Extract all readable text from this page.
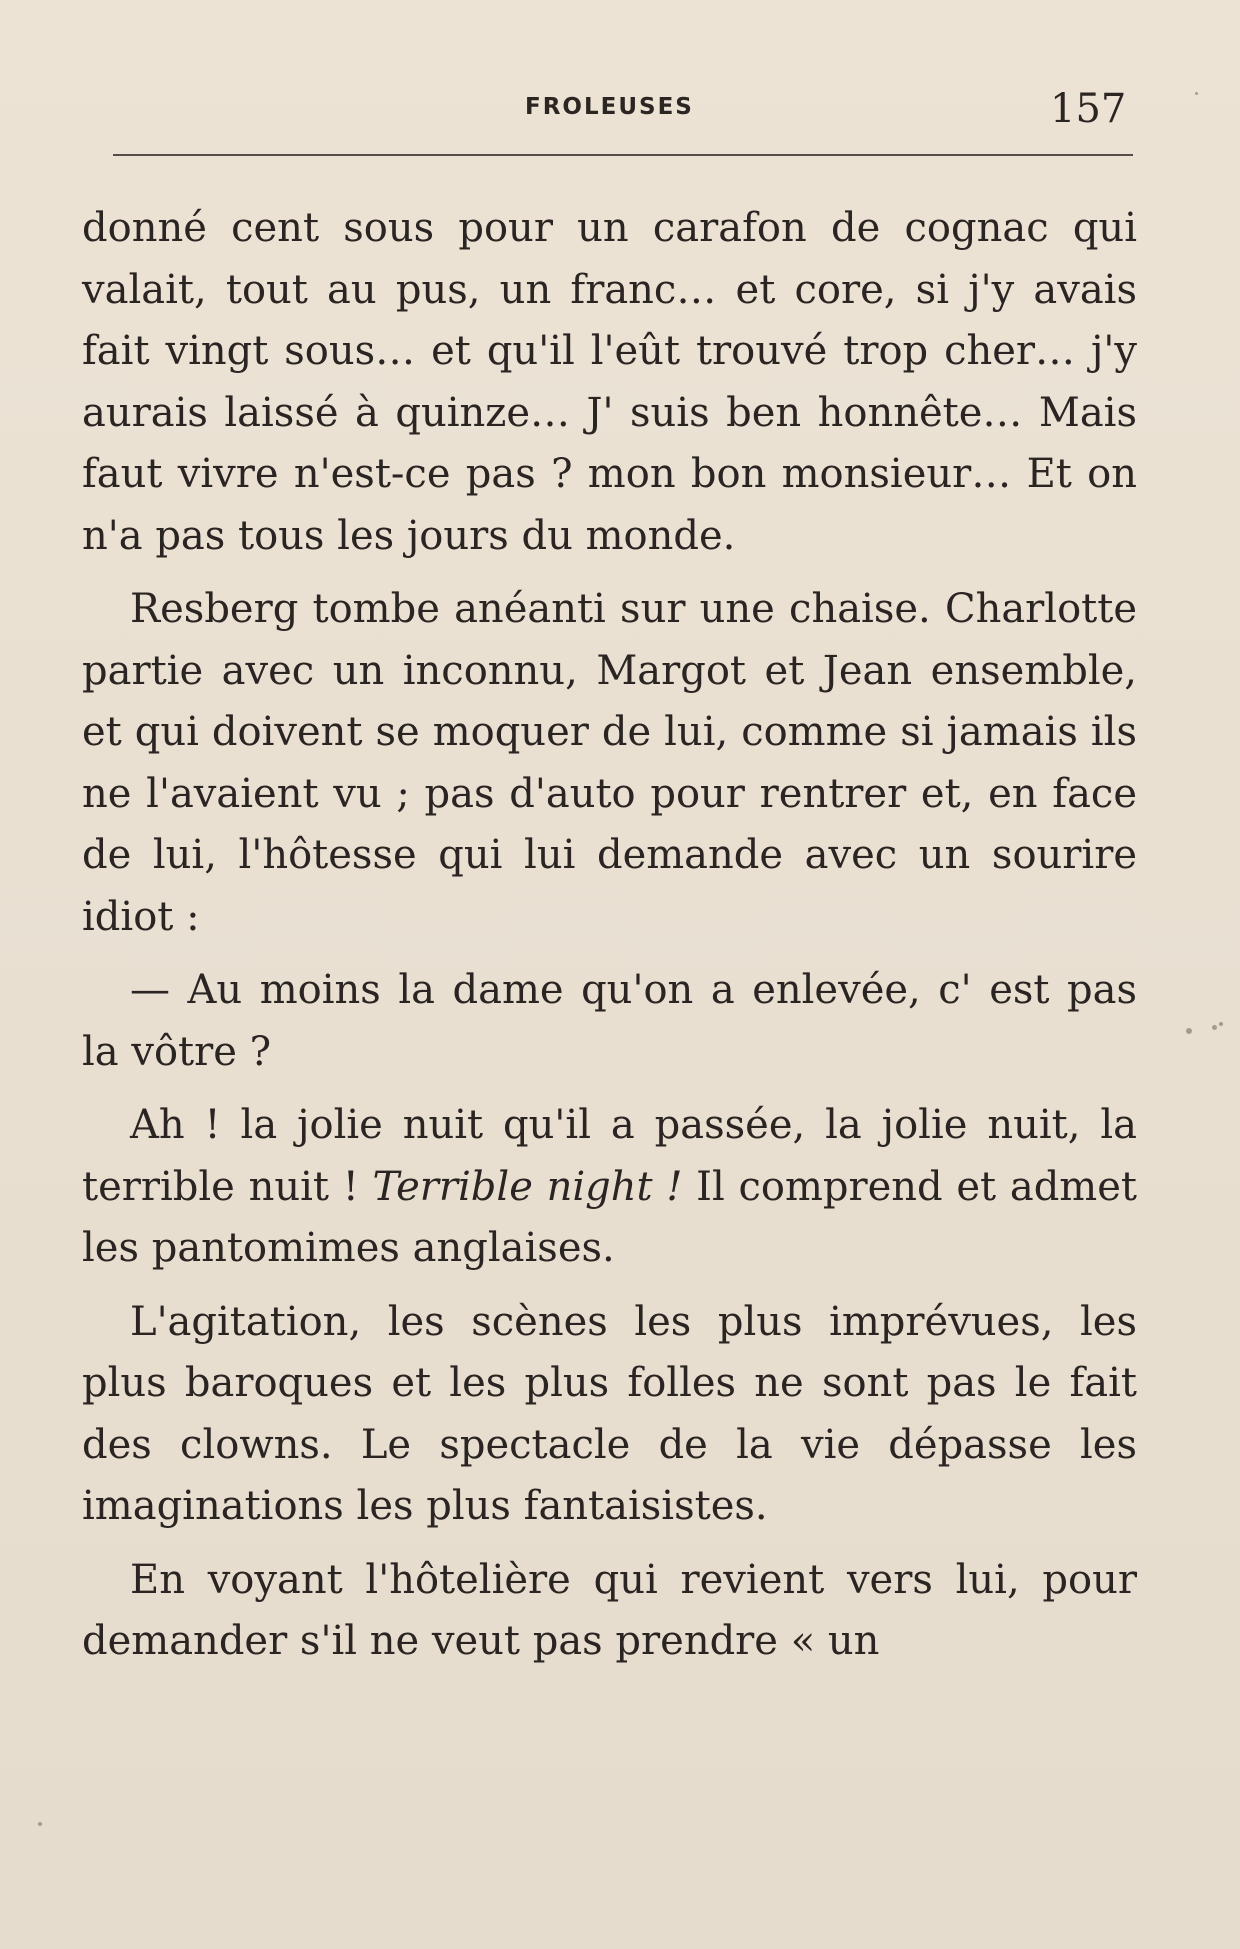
FROLEUSES	157

donné cent sous pour un carafon de cognac qui valait, tout au pus, un franc… et core, si j'y avais fait vingt sous… et qu'il l'eût trouvé trop cher… j'y aurais laissé à quinze… J' suis ben honnête… Mais faut vivre n'est-ce pas ? mon bon monsieur… Et on n'a pas tous les jours du monde.

Resberg tombe anéanti sur une chaise. Charlotte partie avec un inconnu, Margot et Jean ensemble, et qui doivent se moquer de lui, comme si jamais ils ne l'avaient vu ; pas d'auto pour rentrer et, en face de lui, l'hôtesse qui lui demande avec un sourire idiot :

— Au moins la dame qu'on a enlevée, c' est pas la vôtre ?

Ah ! la jolie nuit qu'il a passée, la jolie nuit, la terrible nuit ! Terrible night ! Il comprend et admet les pantomimes anglaises.

L'agitation, les scènes les plus imprévues, les plus baroques et les plus folles ne sont pas le fait des clowns. Le spectacle de la vie dépasse les imaginations les plus fantaisistes.

En voyant l'hôtelière qui revient vers lui, pour demander s'il ne veut pas prendre « un
